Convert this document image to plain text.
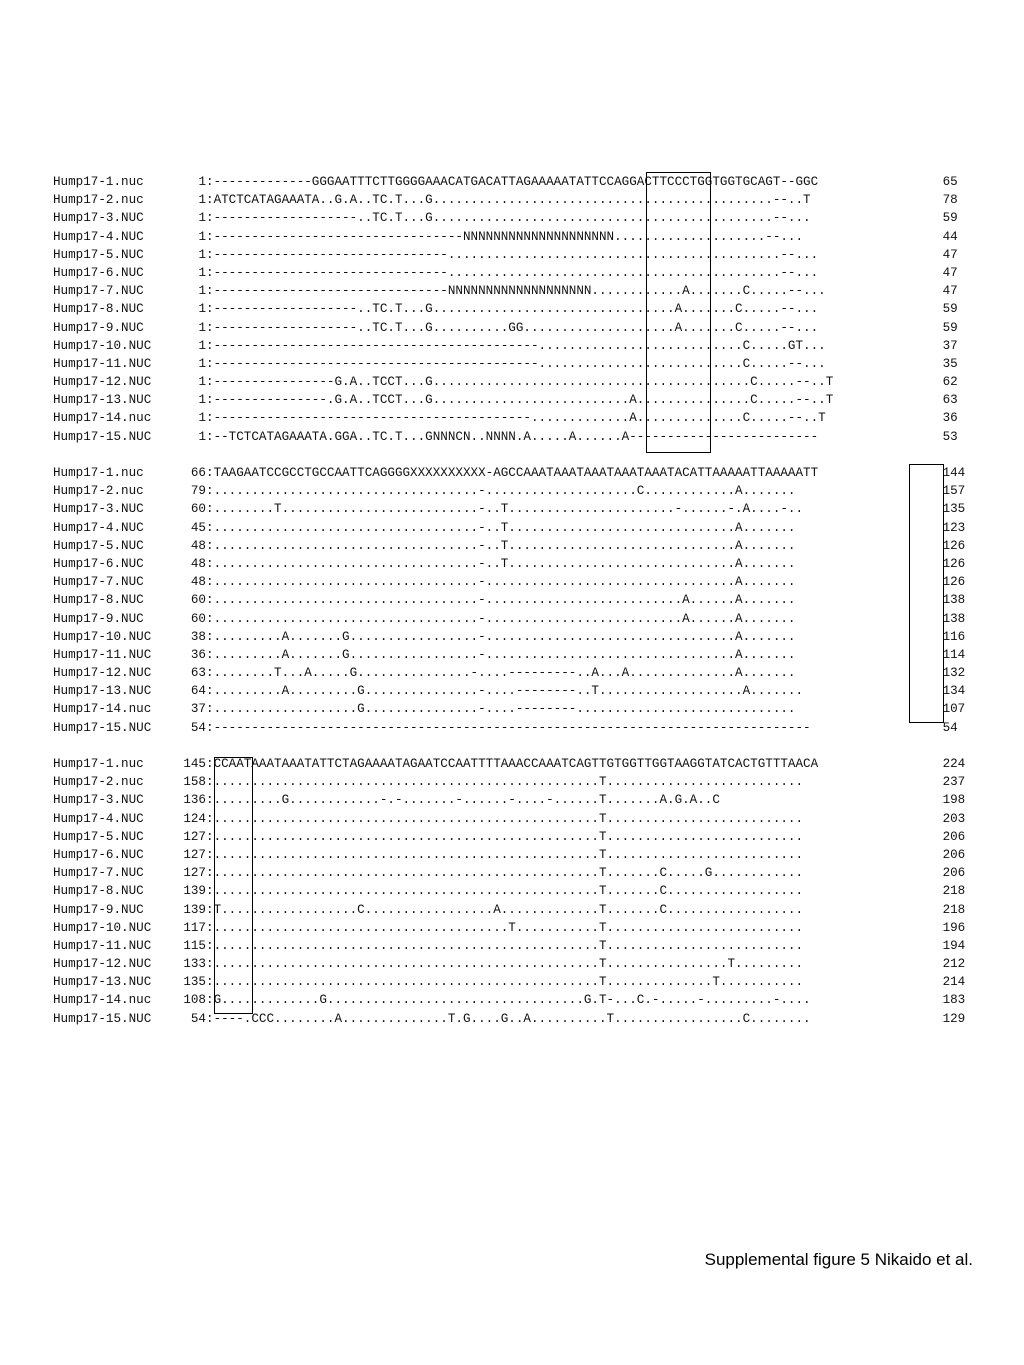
Hump17-1.nuc	1 : -------------GGGAATTTCTTGGGGAAACATGACATTAGAAAAATATTCCAGGACTTCCCTGGTGGTGCAGT--GGC	65
Hump17-2.nuc	1 : ATCTCATAGAAATA..G.A..TC.T...G.............................................--..T	78
Hump17-3.NUC	1 : -------------------..TC.T...G.............................................--...	59
Hump17-4.NUC	1 : ---------------------------------NNNNNNNNNNNNNNNNNNNN....................--...	44
Hump17-5.NUC	1 : -------------------------------............................................--...	47
Hump17-6.NUC	1 : -------------------------------............................................--...	47
Hump17-7.NUC	1 : -------------------------------NNNNNNNNNNNNNNNNNNN............A.......C.....--...	47
Hump17-8.NUC	1 : -------------------..TC.T...G................................A.......C.....--...	59
Hump17-9.NUC	1 : -------------------..TC.T...G..........GG....................A.......C.....--...	59
Hump17-10.NUC	1 : -------------------------------------------...........................C.....GT...	37
Hump17-11.NUC	1 : -------------------------------------------...........................C.....--...	35
Hump17-12.NUC	1 : ----------------G.A..TCCT...G..........................................C.....--..T	62
Hump17-13.NUC	1 : ---------------.G.A..TCCT...G..........................A...............C.....--..T	63
Hump17-14.nuc	1 : ------------------------------------------.............A..............C.....--..T	36
Hump17-15.NUC	1 : --TCTCATAGAAATA.GGA..TC.T...GNNNCN..NNNN.A.....A......A-------------------------	53
Hump17-1.nuc	66 : TAAGAATCCGCCTGCCAATTCAGGGGXXXXXXXXXX-AGCCAAATAAATAAATAAATAAATACATTAAAAATTAAAAATT	144
Hump17-2.nuc	79 : ...................................-....................C............A.......	157
Hump17-3.NUC	60 : ........T..........................-..T......................-......-.A....-..	135
Hump17-4.NUC	45 : ...................................-..T..............................A.......	123
Hump17-5.NUC	48 : ...................................-..T..............................A.......	126
Hump17-6.NUC	48 : ...................................-..T..............................A.......	126
Hump17-7.NUC	48 : ...................................-.................................A.......	126
Hump17-8.NUC	60 : ...................................-..........................A......A.......	138
Hump17-9.NUC	60 : ...................................-..........................A......A.......	138
Hump17-10.NUC	38 : .........A.......G.................-.................................A.......	116
Hump17-11.NUC	36 : .........A.......G.................-.................................A.......	114
Hump17-12.NUC	63 : ........T...A.....G...............-....---------..A...A..............A.......	132
Hump17-13.NUC	64 : .........A.........G...............-....--------..T...................A.......	134
Hump17-14.nuc	37 : ...................G...............-....--------.............................	107
Hump17-15.NUC	54 : -------------------------------------------------------------------------------	54
Hump17-1.nuc	145 : CCAATAAATAAATATTCTAGAAAATAGAATCCAATTTTAAACCAAATCAGTTGTGGTTGGTAAGGTATCACTGTTTAACA	224
Hump17-2.nuc	158 : ...................................................T..........................	237
Hump17-3.NUC	136 : .........G............-.-.......-......-....-......T.......A.G.A..C	198
Hump17-4.NUC	124 : ...................................................T..........................	203
Hump17-5.NUC	127 : ...................................................T..........................	206
Hump17-6.NUC	127 : ...................................................T..........................	206
Hump17-7.NUC	127 : ...................................................T.......C.....G............	206
Hump17-8.NUC	139 : ...................................................T.......C..................	218
Hump17-9.NUC	139 : T..................C.................A.............T.......C..................	218
Hump17-10.NUC	117 : .......................................T...........T..........................	196
Hump17-11.NUC	115 : ...................................................T..........................	194
Hump17-12.NUC	133 : ...................................................T................T.........	212
Hump17-13.NUC	135 : ...................................................T..............T...........	214
Hump17-14.nuc	108 : G.............G..................................G.T-...C.-.....-.........-....	183
Hump17-15.NUC	54 : ----.CCC........A..............T.G....G..A..........T.................C........	129
Supplemental figure 5 Nikaido et al.
